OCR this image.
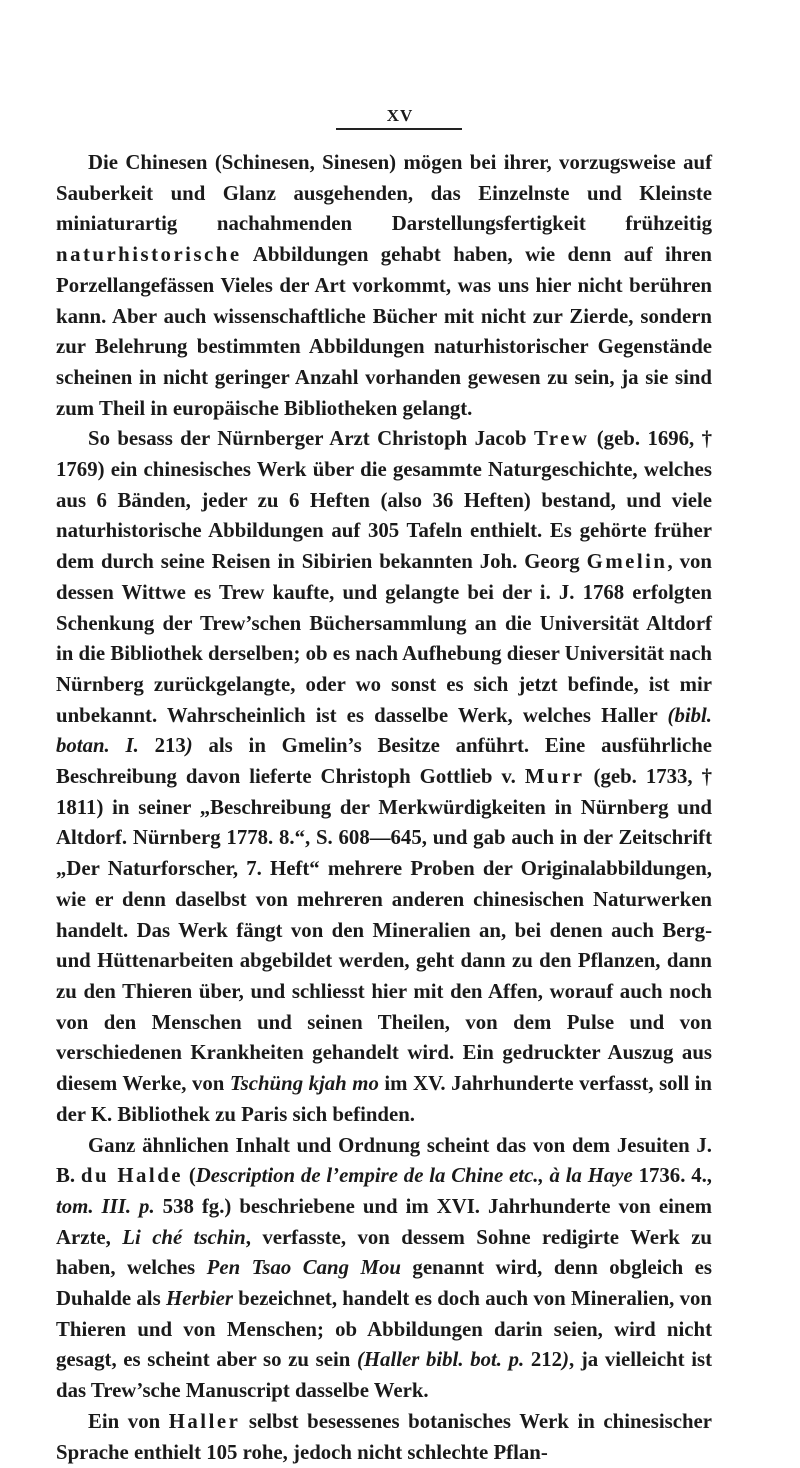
XV

Die Chinesen (Schinesen, Sinesen) mögen bei ihrer, vorzugsweise auf Sauberkeit und Glanz ausgehenden, das Einzelnste und Kleinste miniaturartig nachahmenden Darstellungsfertigkeit frühzeitig naturhistorische Abbildungen gehabt haben, wie denn auf ihren Porzellangefässen Vieles der Art vorkommt, was uns hier nicht berühren kann. Aber auch wissenschaftliche Bücher mit nicht zur Zierde, sondern zur Belehrung bestimmten Abbildungen naturhistorischer Gegenstände scheinen in nicht geringer Anzahl vorhanden gewesen zu sein, ja sie sind zum Theil in europäische Bibliotheken gelangt.

So besass der Nürnberger Arzt Christoph Jacob Trew (geb. 1696, † 1769) ein chinesisches Werk über die gesammte Naturgeschichte, welches aus 6 Bänden, jeder zu 6 Heften (also 36 Heften) bestand, und viele naturhistorische Abbildungen auf 305 Tafeln enthielt. Es gehörte früher dem durch seine Reisen in Sibirien bekannten Joh. Georg Gmelin, von dessen Wittwe es Trew kaufte, und gelangte bei der i. J. 1768 erfolgten Schenkung der Trew’schen Büchersammlung an die Universität Altdorf in die Bibliothek derselben; ob es nach Aufhebung dieser Universität nach Nürnberg zurückgelangte, oder wo sonst es sich jetzt befinde, ist mir unbekannt. Wahrscheinlich ist es dasselbe Werk, welches Haller (bibl. botan. I. 213) als in Gmelin’s Besitze anführt. Eine ausführliche Beschreibung davon lieferte Christoph Gottlieb v. Murr (geb. 1733, † 1811) in seiner „Beschreibung der Merkwürdigkeiten in Nürnberg und Altdorf. Nürnberg 1778. 8.“, S. 608—645, und gab auch in der Zeitschrift „Der Naturforscher, 7. Heft“ mehrere Proben der Originalabbildungen, wie er denn daselbst von mehreren anderen chinesischen Naturwerken handelt. Das Werk fängt von den Mineralien an, bei denen auch Berg- und Hüttenarbeiten abgebildet werden, geht dann zu den Pflanzen, dann zu den Thieren über, und schliesst hier mit den Affen, worauf auch noch von den Menschen und seinen Theilen, von dem Pulse und von verschiedenen Krankheiten gehandelt wird. Ein gedruckter Auszug aus diesem Werke, von Tschüng kjah mo im XV. Jahrhunderte verfasst, soll in der K. Bibliothek zu Paris sich befinden.

Ganz ähnlichen Inhalt und Ordnung scheint das von dem Jesuiten J. B. du Halde (Description de l’empire de la Chine etc., à la Haye 1736. 4., tom. III. p. 538 fg.) beschriebene und im XVI. Jahrhunderte von einem Arzte, Li ché tschin, verfasste, von dessem Sohne redigirte Werk zu haben, welches Pen Tsao Cang Mou genannt wird, denn obgleich es Duhalde als Herbier bezeichnet, handelt es doch auch von Mineralien, von Thieren und von Menschen; ob Abbildungen darin seien, wird nicht gesagt, es scheint aber so zu sein (Haller bibl. bot. p. 212), ja vielleicht ist das Trew’sche Manuscript dasselbe Werk.

Ein von Haller selbst besessenes botanisches Werk in chinesischer Sprache enthielt 105 rohe, jedoch nicht schlechte Pflan-
